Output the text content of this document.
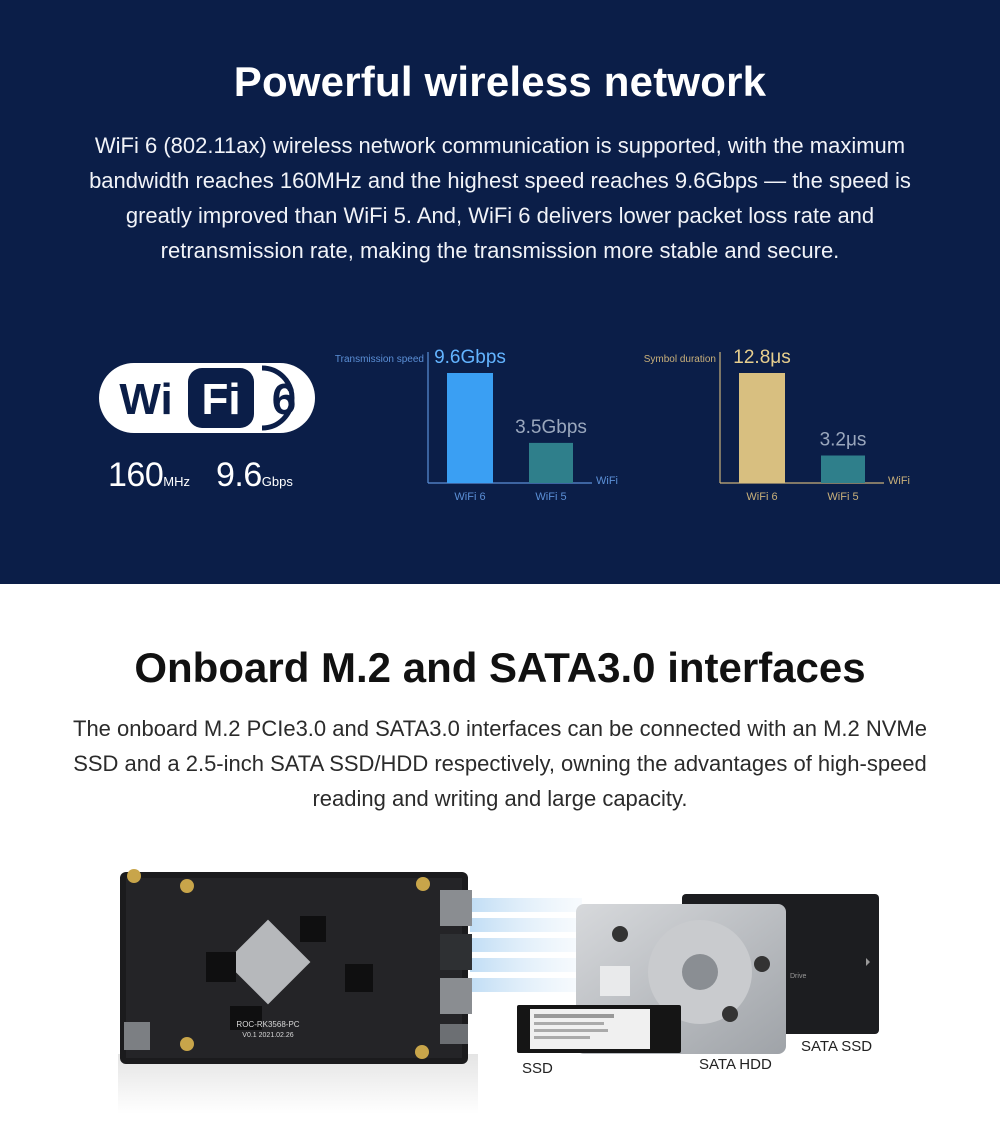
Powerful wireless network

WiFi 6 (802.11ax) wireless network communication is supported, with the maximum bandwidth reaches 160MHz and the highest speed reaches 9.6Gbps — the speed is greatly improved than WiFi 5. And, WiFi 6 delivers lower packet loss rate and retransmission rate, making the transmission more stable and secure.

Wi Fi 6
160MHz 9.6Gbps
Transmission speed
WiFi
9.6Gbps
WiFi 6
3.5Gbps
WiFi 5
Symbol duration
WiFi
12.8μs
WiFi 6
3.2μs
WiFi 5
Onboard M.2 and SATA3.0 interfaces

The onboard M.2 PCIe3.0 and SATA3.0 interfaces can be connected with an M.2 NVMe SSD and a 2.5-inch SATA SSD/HDD respectively, owning the advantages of high-speed reading and writing and large capacity.

ROC-RK3568-PC
V0.1 2021.02.26
Drive
SSD	SATA HDD
SATA SSD
